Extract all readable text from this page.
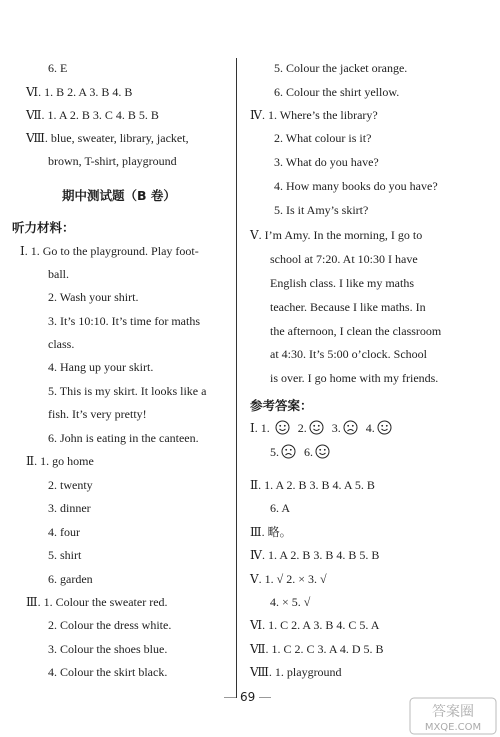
6. E
Ⅵ. 1. B 2. A 3. B 4. B
Ⅶ. 1. A 2. B 3. C 4. B 5. B
Ⅷ. blue, sweater, library, jacket,
brown, T-shirt, playground
期中测试题（B 卷）
听力材料：
Ⅰ. 1. Go to the playground. Play foot-
ball.
2. Wash your shirt.
3. It’s 10:10. It’s time for maths
class.
4. Hang up your skirt.
5. This is my skirt. It looks like a
fish. It’s very pretty!
6. John is eating in the canteen.
Ⅱ. 1. go home
2. twenty
3. dinner
4. four
5. shirt
6. garden
Ⅲ. 1. Colour the sweater red.
2. Colour the dress white.
3. Colour the shoes blue.
4. Colour the skirt black.
5. Colour the jacket orange.
6. Colour the shirt yellow.
Ⅳ. 1. Where’s the library?
2. What colour is it?
3. What do you have?
4. How many books do you have?
5. Is it Amy’s skirt?
Ⅴ. I’m Amy. In the morning, I go to
school at 7:20. At 10:30 I have
English class. I like my maths
teacher. Because I like maths. In
the afternoon, I clean the classroom
at 4:30. It’s 5:00 o’clock. School
is over. I go home with my friends.
参考答案：
Ⅰ. 1. 2. 3. 4.
5. 6.
Ⅱ. 1. A 2. B 3. B 4. A 5. B
6. A
Ⅲ. 略。
Ⅳ. 1. A 2. B 3. B 4. B 5. B
Ⅴ. 1. √ 2. × 3. √
4. × 5. √
Ⅵ. 1. C 2. A 3. B 4. C 5. A
Ⅶ. 1. C 2. C 3. A 4. D 5. B
Ⅷ. 1. playground
69
答案圈
MXQE.COM
